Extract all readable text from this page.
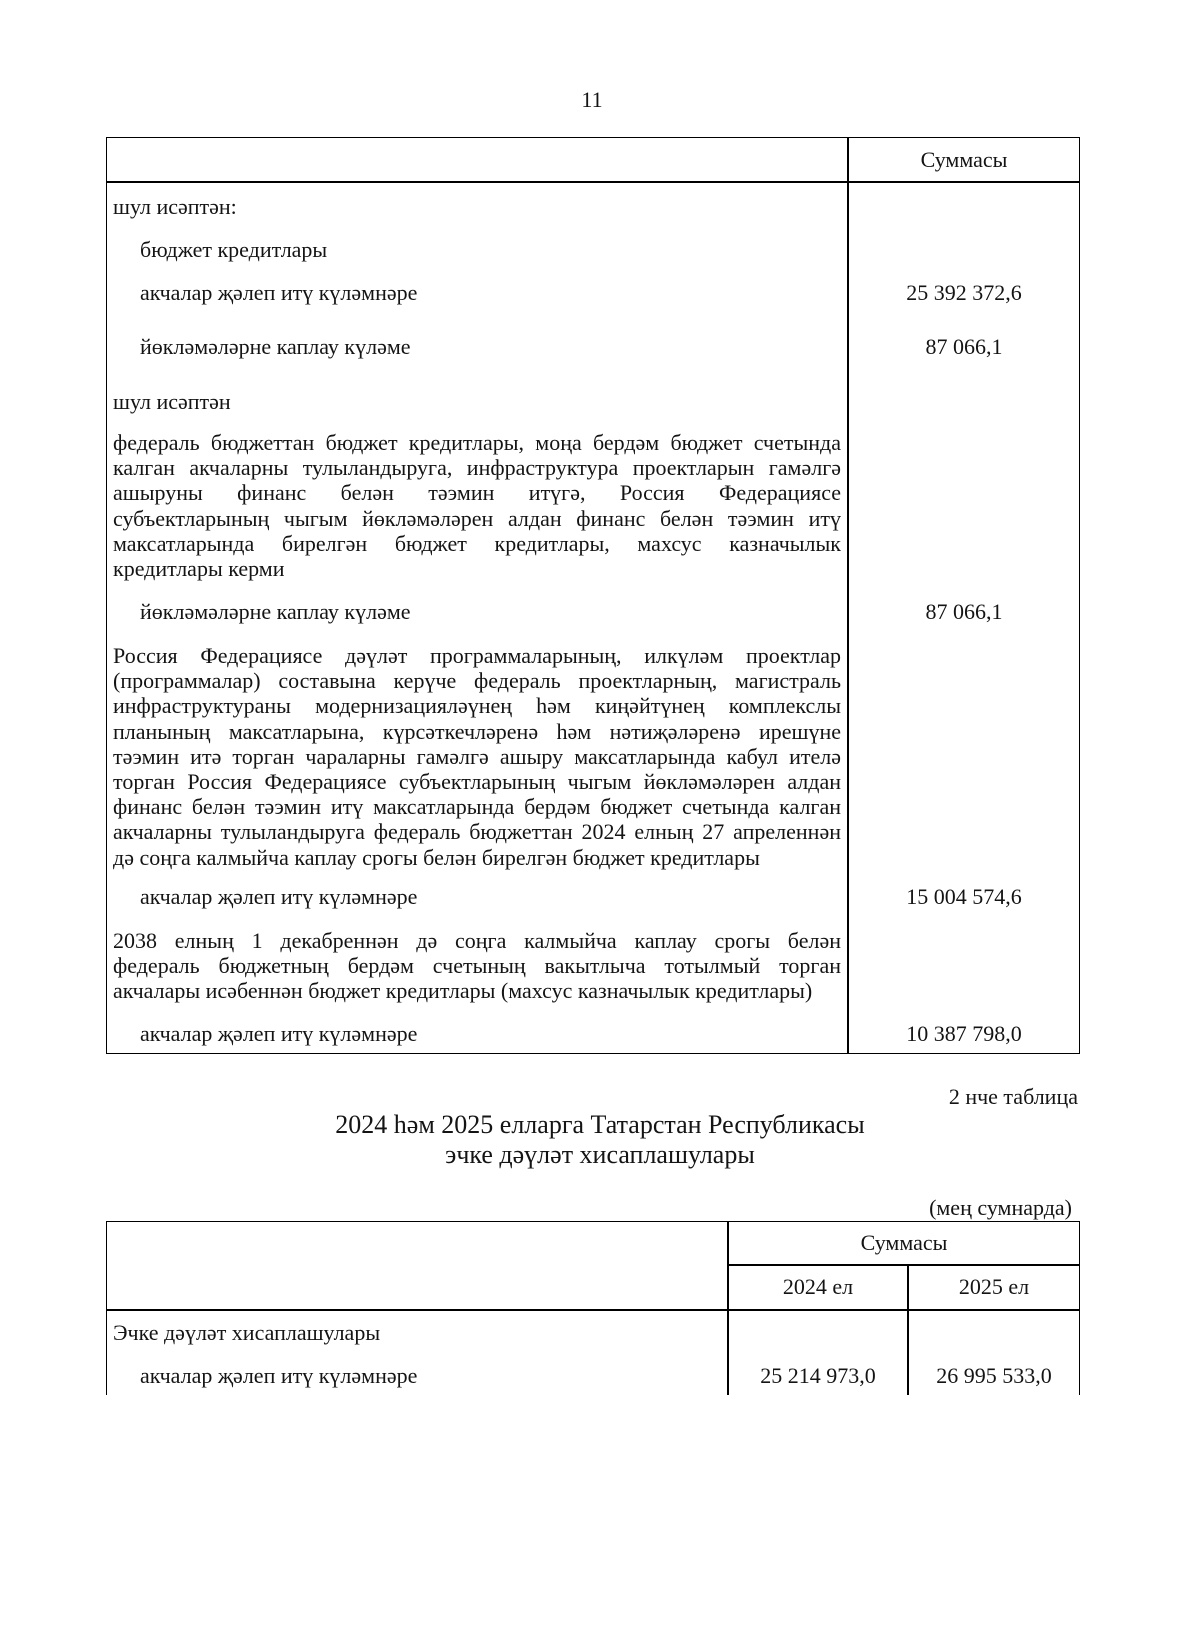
11
Суммасы
шул исәптән:
бюджет кредитлары
акчалар җәлеп итү күләмнәре	25 392 372,6
йөкләмәләрне каплау күләме	87 066,1
шул исәптән
федераль бюджеттан бюджет кредитлары, моңа бердәм бюджет счетында
калган акчаларны тулыландыруга, инфраструктура проектларын гамәлгә
ашыруны финанс белән тәэмин итүгә, Россия Федерациясе
субъектларының чыгым йөкләмәләрен алдан финанс белән тәэмин итү
максатларында бирелгән бюджет кредитлары, махсус казначылык
кредитлары керми
йөкләмәләрне каплау күләме	87 066,1
Россия Федерациясе дәүләт программаларының, илкүләм проектлар
(программалар) составына керүче федераль проектларның, магистраль
инфраструктураны модернизацияләүнең һәм киңәйтүнең комплекслы
планының максатларына, күрсәткечләренә һәм нәтиҗәләренә ирешүне
тәэмин итә торган чараларны гамәлгә ашыру максатларында кабул ителә
торган Россия Федерациясе субъектларының чыгым йөкләмәләрен алдан
финанс белән тәэмин итү максатларында бердәм бюджет счетында калган
акчаларны тулыландыруга федераль бюджеттан 2024 елның 27 апреленнән
дә соңга калмыйча каплау срогы белән бирелгән бюджет кредитлары
акчалар җәлеп итү күләмнәре	15 004 574,6
2038 елның 1 декабреннән дә соңга калмыйча каплау срогы белән
федераль бюджетның бердәм счетының вакытлыча тотылмый торган
акчалары исәбеннән бюджет кредитлары (махсус казначылык кредитлары)
акчалар җәлеп итү күләмнәре	10 387 798,0
2 нче таблица
2024 һәм 2025 елларга Татарстан Республикасы
эчке дәүләт хисаплашулары
(мең сумнарда)
Суммасы
2024 ел	2025 ел
Эчке дәүләт хисаплашулары
акчалар җәлеп итү күләмнәре	25 214 973,0	26 995 533,0
